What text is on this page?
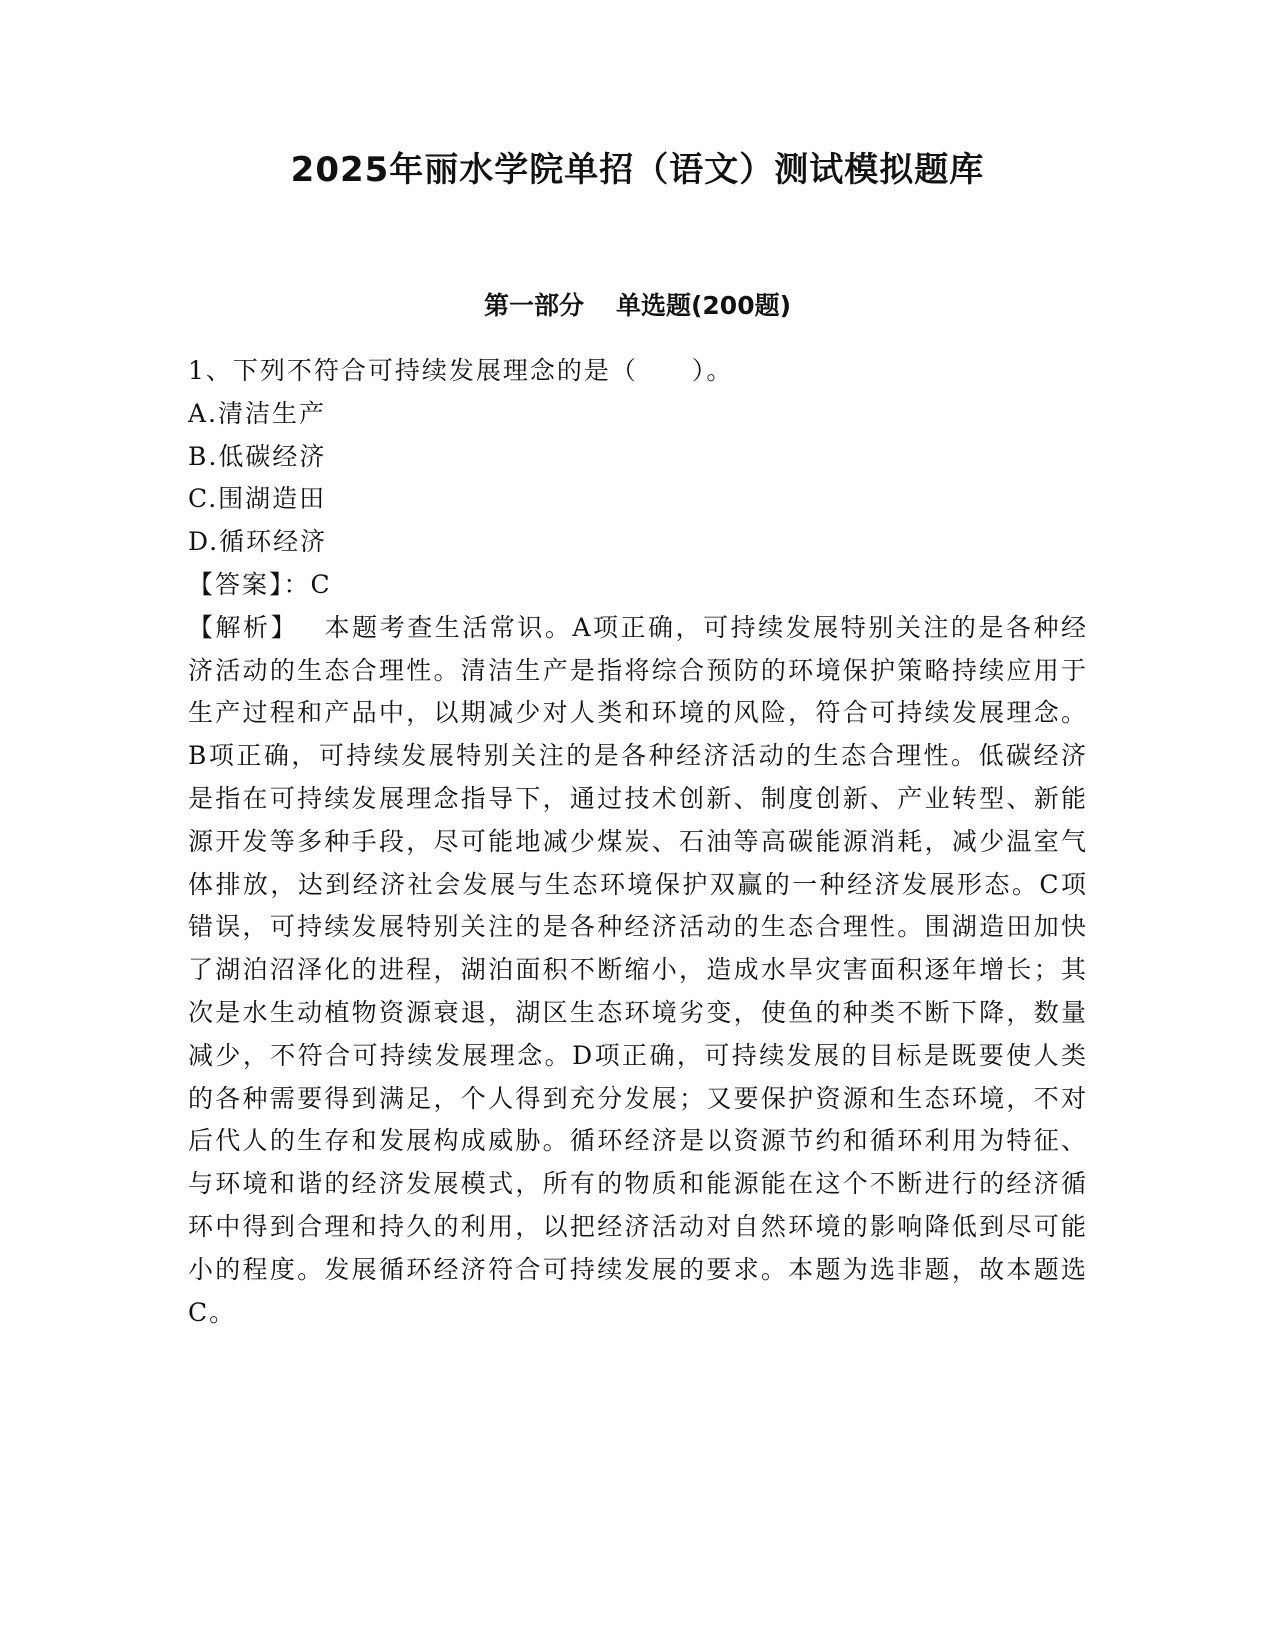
2025年丽水学院单招（语文）测试模拟题库
第一部分 单选题(200题)
1、下列不符合可持续发展理念的是（　　）。
A.清洁生产
B.低碳经济
C.围湖造田
D.循环经济
【答案】：C
【解析】 本题考查生活常识。A项正确，可持续发展特别关注的是各种经济活动的生态合理性。清洁生产是指将综合预防的环境保护策略持续应用于生产过程和产品中，以期减少对人类和环境的风险，符合可持续发展理念。B项正确，可持续发展特别关注的是各种经济活动的生态合理性。低碳经济是指在可持续发展理念指导下，通过技术创新、制度创新、产业转型、新能源开发等多种手段，尽可能地减少煤炭、石油等高碳能源消耗，减少温室气体排放，达到经济社会发展与生态环境保护双赢的一种经济发展形态。C项错误，可持续发展特别关注的是各种经济活动的生态合理性。围湖造田加快了湖泊沼泽化的进程，湖泊面积不断缩小，造成水旱灾害面积逐年增长；其次是水生动植物资源衰退，湖区生态环境劣变，使鱼的种类不断下降，数量减少，不符合可持续发展理念。D项正确，可持续发展的目标是既要使人类的各种需要得到满足，个人得到充分发展；又要保护资源和生态环境，不对后代人的生存和发展构成威胁。循环经济是以资源节约和循环利用为特征、与环境和谐的经济发展模式，所有的物质和能源能在这个不断进行的经济循环中得到合理和持久的利用，以把经济活动对自然环境的影响降低到尽可能小的程度。发展循环经济符合可持续发展的要求。本题为选非题，故本题选C。
